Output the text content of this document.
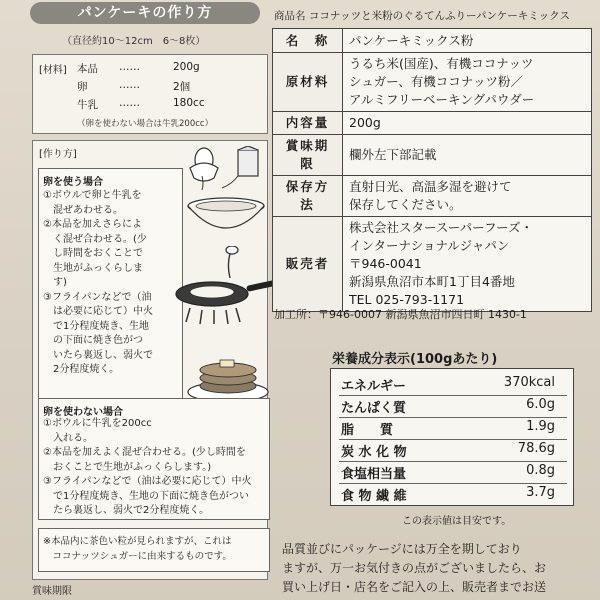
パンケーキの作り方
（直径約10～12cm　6～8枚）
[材料] 本品 ……	200g
卵	……	2個
牛乳 ……	180cc
（卵を使わない場合は牛乳200cc）
[作り方]
卵を使う場合
①ボウルで卵と牛乳を
　混ぜあわせる。
②本品を加えさらによ
　く混ぜ合わせる。(少
　し時間をおくことで
　生地がふっくらしま
　す)
③フライパンなどで（油
　は必要に応じて）中火
　で1分程度焼き、生地
　の下面に焼き色がつ
　いたら裏返し、弱火で
　2分程度焼く。
卵を使わない場合
①ボウルに牛乳を200cc
　入れる。
②本品を加えよく混ぜ合わせる。(少し時間を
　おくことで生地がふっくらします。)
③フライパンなどで（油は必要に応じて）中火
　で1分程度焼き、生地の下面に焼き色がつい
　たら裏返し、弱火で2分程度焼く。
※本品内に茶色い粒が見られますが、これは
　ココナッツシュガーに由来するものです。
賞味期限
商品名 ココナッツと米粉のぐるてんふりーパンケーキミックス
名　称	パンケーキミックス粉

原材料	うるち米(国産)、有機ココナッツ
シュガー、有機ココナッツ粉／
アルミフリーベーキングパウダー

内容量	200g

賞味期限	欄外左下部記載

保存方法	直射日光、高温多湿を避けて
保存してください。

販売者	株式会社スタースーパーフーズ・
インターナショナルジャパン
〒946-0041
新潟県魚沼市本町1丁目4番地
TEL 025-793-1171
加工所：〒946-0007 新潟県魚沼市四日町 1430-1
栄養成分表示(100gあたり)
エネルギー	370kcal
たんぱく質	6.0g
脂　　質	1.9g
炭 水 化 物	78.6g
食塩相当量	0.8g
食 物 繊 維	3.7g
この表示値は目安です。
品質並びにパッケージには万全を期しており
ますが、万一お気付きの点がございましたら、お
買い上げ日・店名をご記入の上、販売者までお送
